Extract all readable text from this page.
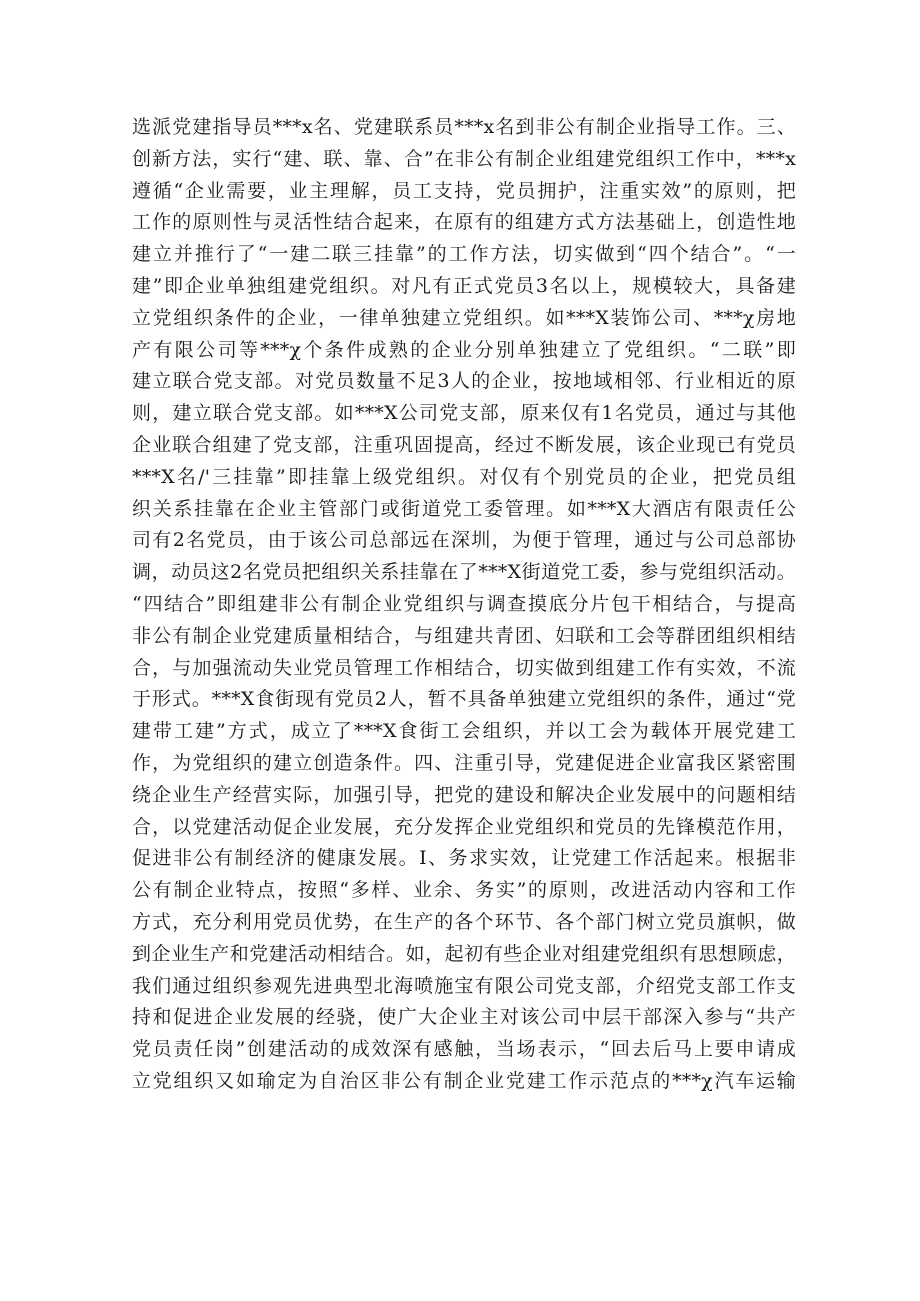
选派党建指导员***x名、党建联系员***x名到非公有制企业指导工作。三、
创新方法，实行“建、联、靠、合”在非公有制企业组建党组织工作中，***x
遵循“企业需要，业主理解，员工支持，党员拥护，注重实效”的原则，把
工作的原则性与灵活性结合起来，在原有的组建方式方法基础上，创造性地
建立并推行了“一建二联三挂靠”的工作方法，切实做到“四个结合”。“一
建”即企业单独组建党组织。对凡有正式党员3名以上，规模较大，具备建
立党组织条件的企业，一律单独建立党组织。如***X装饰公司、***χ房地
产有限公司等***χ个条件成熟的企业分别单独建立了党组织。“二联”即
建立联合党支部。对党员数量不足3人的企业，按地域相邻、行业相近的原
则，建立联合党支部。如***X公司党支部，原来仅有1名党员，通过与其他
企业联合组建了党支部，注重巩固提高，经过不断发展，该企业现已有党员
***X名/'三挂靠”即挂靠上级党组织。对仅有个别党员的企业，把党员组
织关系挂靠在企业主管部门或街道党工委管理。如***X大酒店有限责任公
司有2名党员，由于该公司总部远在深圳，为便于管理，通过与公司总部协
调，动员这2名党员把组织关系挂靠在了***X街道党工委，参与党组织活动。
“四结合”即组建非公有制企业党组织与调查摸底分片包干相结合，与提高
非公有制企业党建质量相结合，与组建共青团、妇联和工会等群团组织相结
合，与加强流动失业党员管理工作相结合，切实做到组建工作有实效，不流
于形式。***X食街现有党员2人，暂不具备单独建立党组织的条件，通过“党
建带工建”方式，成立了***X食街工会组织，并以工会为载体开展党建工
作，为党组织的建立创造条件。四、注重引导，党建促进企业富我区紧密围
绕企业生产经营实际，加强引导，把党的建设和解决企业发展中的问题相结
合，以党建活动促企业发展，充分发挥企业党组织和党员的先锋模范作用，
促进非公有制经济的健康发展。I、务求实效，让党建工作活起来。根据非
公有制企业特点，按照“多样、业余、务实”的原则，改进活动内容和工作
方式，充分利用党员优势，在生产的各个环节、各个部门树立党员旗帜，做
到企业生产和党建活动相结合。如，起初有些企业对组建党组织有思想顾虑，
我们通过组织参观先进典型北海喷施宝有限公司党支部，介绍党支部工作支
持和促进企业发展的经骁，使广大企业主对该公司中层干部深入参与“共产
党员责任岗”创建活动的成效深有感触，当场表示，“回去后马上要申请成
立党组织又如瑜定为自治区非公有制企业党建工作示范点的***χ汽车运输
